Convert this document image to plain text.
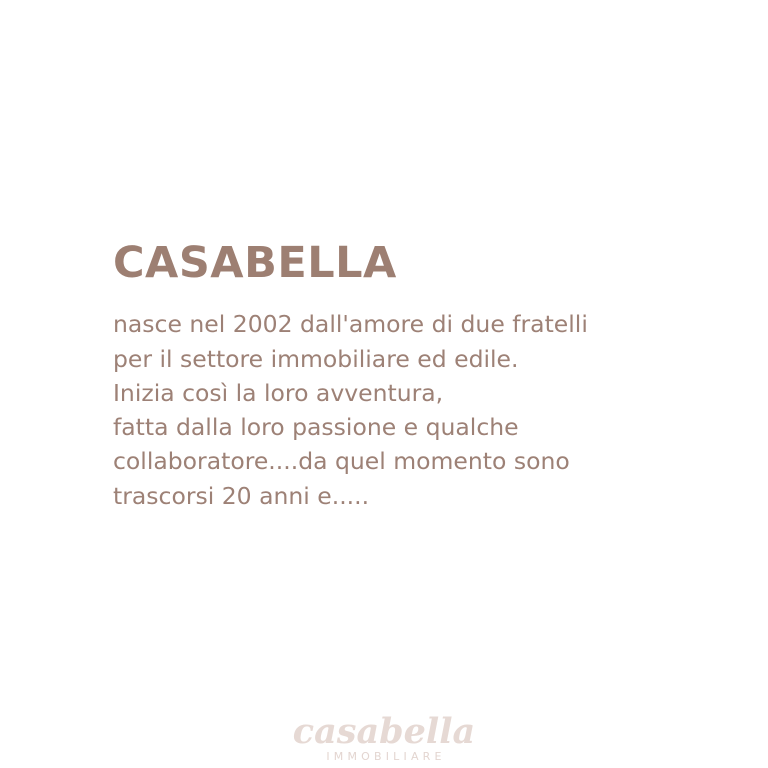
CASABELLA

nasce nel 2002 dall'amore di due fratelli
per il settore immobiliare ed edile.
Inizia così la loro avventura,
fatta dalla loro passione e qualche
collaboratore....da quel momento sono
trascorsi 20 anni e.....

casabella
IMMOBILIARE
